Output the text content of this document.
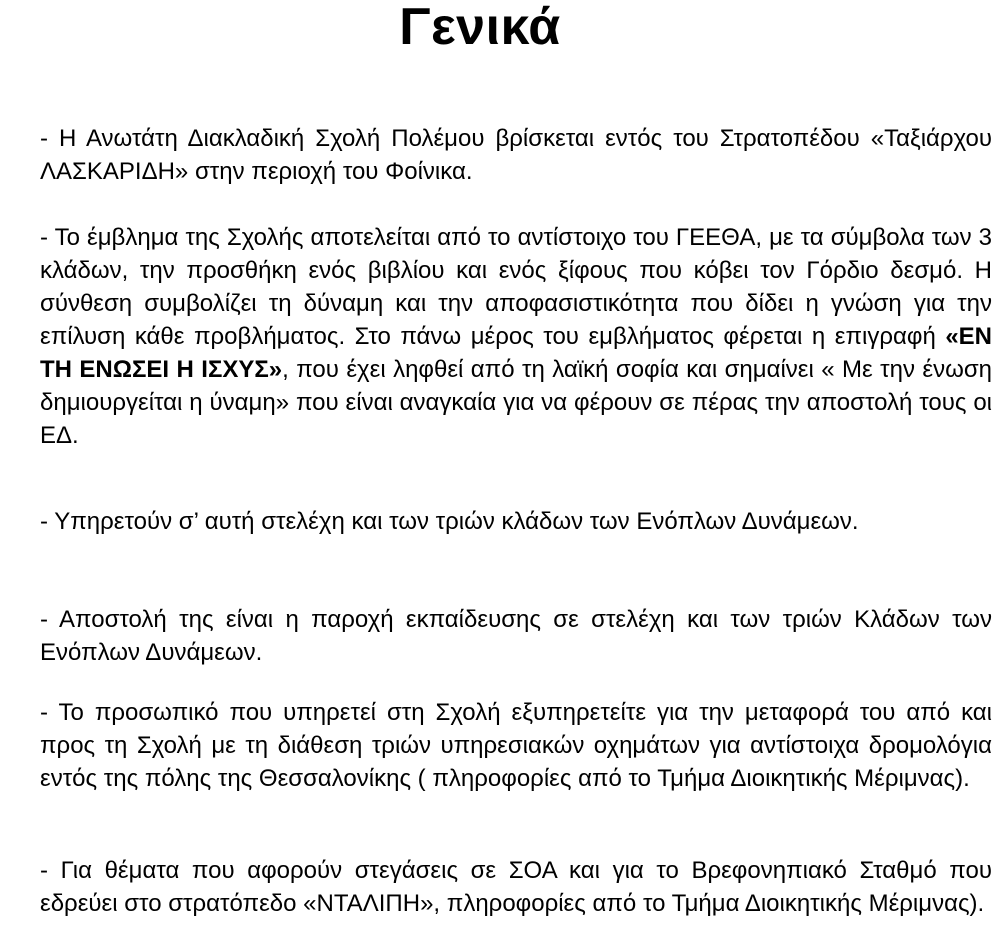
Γενικά

- Η Ανωτάτη Διακλαδική Σχολή Πολέμου βρίσκεται εντός του Στρατοπέδου «Ταξιάρχου ΛΑΣΚΑΡΙΔΗ» στην περιοχή του Φοίνικα.

- Το έμβλημα της Σχολής αποτελείται από το αντίστοιχο του ΓΕΕΘΑ, με τα σύμβολα των 3 κλάδων, την προσθήκη ενός βιβλίου και ενός ξίφους που κόβει τον Γόρδιο δεσμό. Η σύνθεση συμβολίζει τη δύναμη και την αποφασιστικότητα που δίδει η γνώση για την επίλυση κάθε προβλήματος. Στο πάνω μέρος του εμβλήματος φέρεται η επιγραφή «ΕΝ ΤΗ ΕΝΩΣΕΙ Η ΙΣΧΥΣ», που έχει ληφθεί από τη λαϊκή σοφία και σημαίνει « Με την ένωση δημιουργείται η ύναμη» που είναι αναγκαία για να φέρουν σε πέρας την αποστολή τους οι ΕΔ.

- Υπηρετούν σ’ αυτή στελέχη και των τριών κλάδων των Ενόπλων Δυνάμεων.

- Αποστολή της είναι η παροχή εκπαίδευσης σε στελέχη και των τριών Κλάδων των Ενόπλων Δυνάμεων.

- Το προσωπικό που υπηρετεί στη Σχολή εξυπηρετείτε για την μεταφορά του από και προς τη Σχολή με τη διάθεση τριών υπηρεσιακών οχημάτων για αντίστοιχα δρομολόγια εντός της πόλης της Θεσσαλονίκης ( πληροφορίες από το Τμήμα Διοικητικής Μέριμνας).

- Για θέματα που αφορούν στεγάσεις σε ΣΟΑ και για το Βρεφονηπιακό Σταθμό που εδρεύει στο στρατόπεδο «ΝΤΑΛΙΠΗ», πληροφορίες από το Τμήμα Διοικητικής Μέριμνας).
